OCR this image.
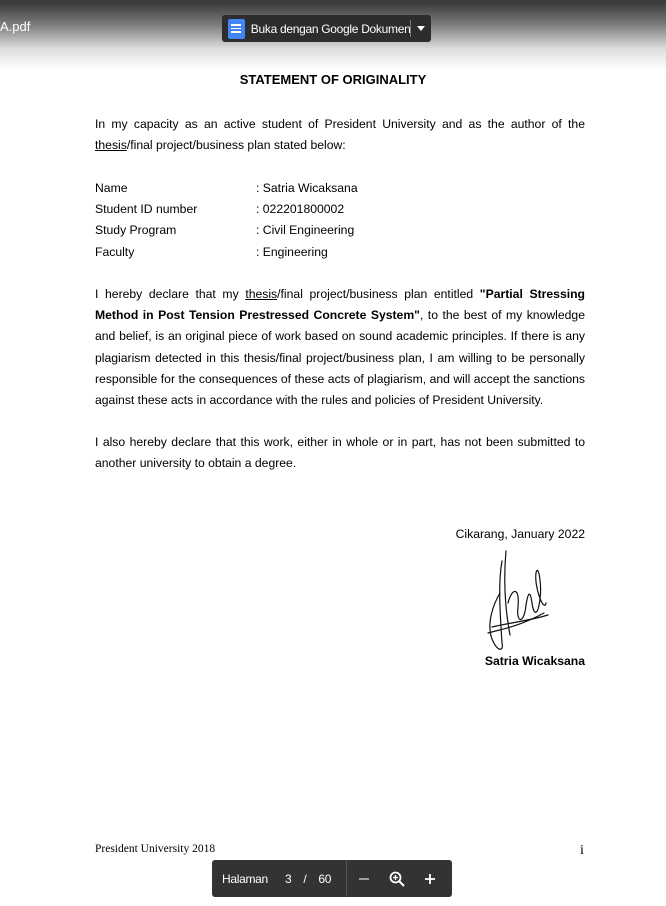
STATEMENT OF ORIGINALITY

In my capacity as an active student of President University and as the author of the thesis/final project/business plan stated below:

Name	: Satria Wicaksana
Student ID number	: 022201800002
Study Program	: Civil Engineering
Faculty	: Engineering

I hereby declare that my thesis/final project/business plan entitled "Partial Stressing Method in Post Tension Prestressed Concrete System", to the best of my knowledge and belief, is an original piece of work based on sound academic principles. If there is any plagiarism detected in this thesis/final project/business plan, I am willing to be personally responsible for the consequences of these acts of plagiarism, and will accept the sanctions against these acts in accordance with the rules and policies of President University.

I also hereby declare that this work, either in whole or in part, has not been submitted to another university to obtain a degree.

Cikarang, January 2022
Satria Wicaksana
President University 2018	i
A.pdf	Buka dengan Google Dokumen
Halaman 3 / 60
